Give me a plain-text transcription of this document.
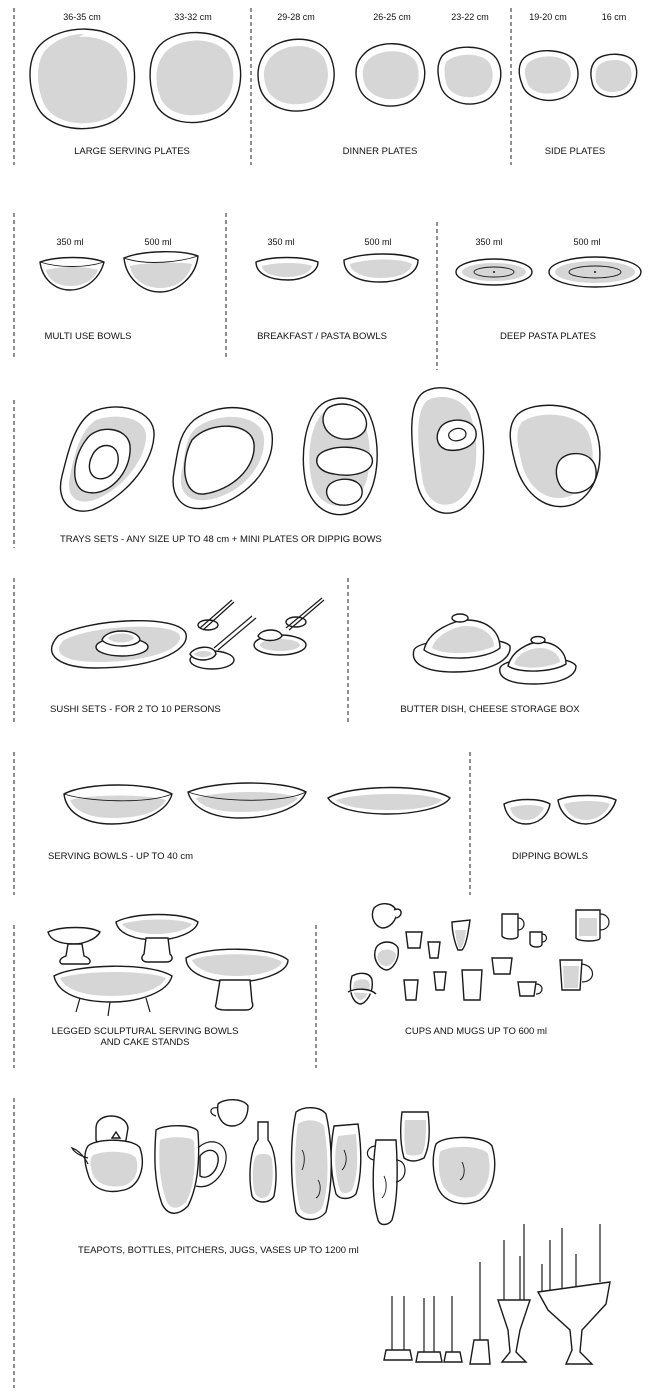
36-35 cm	33-32 cm	29-28 cm	26-25 cm	23-22 cm	19-20 cm	16 cm
LARGE SERVING PLATES	DINNER PLATES	SIDE PLATES
350 ml	500 ml	350 ml	500 ml	350 ml	500 ml
MULTI USE BOWLS	BREAKFAST / PASTA BOWLS	DEEP PASTA PLATES
TRAYS SETS - ANY SIZE UP TO 48 cm + MINI PLATES OR DIPPIG BOWS
SUSHI SETS - FOR 2 TO 10 PERSONS	BUTTER DISH, CHEESE STORAGE BOX
SERVING BOWLS - UP TO 40 cm	DIPPING BOWLS
LEGGED SCULPTURAL SERVING BOWLS
AND CAKE STANDS
CUPS AND MUGS UP TO 600 ml
TEAPOTS, BOTTLES, PITCHERS, JUGS, VASES UP TO 1200 ml
